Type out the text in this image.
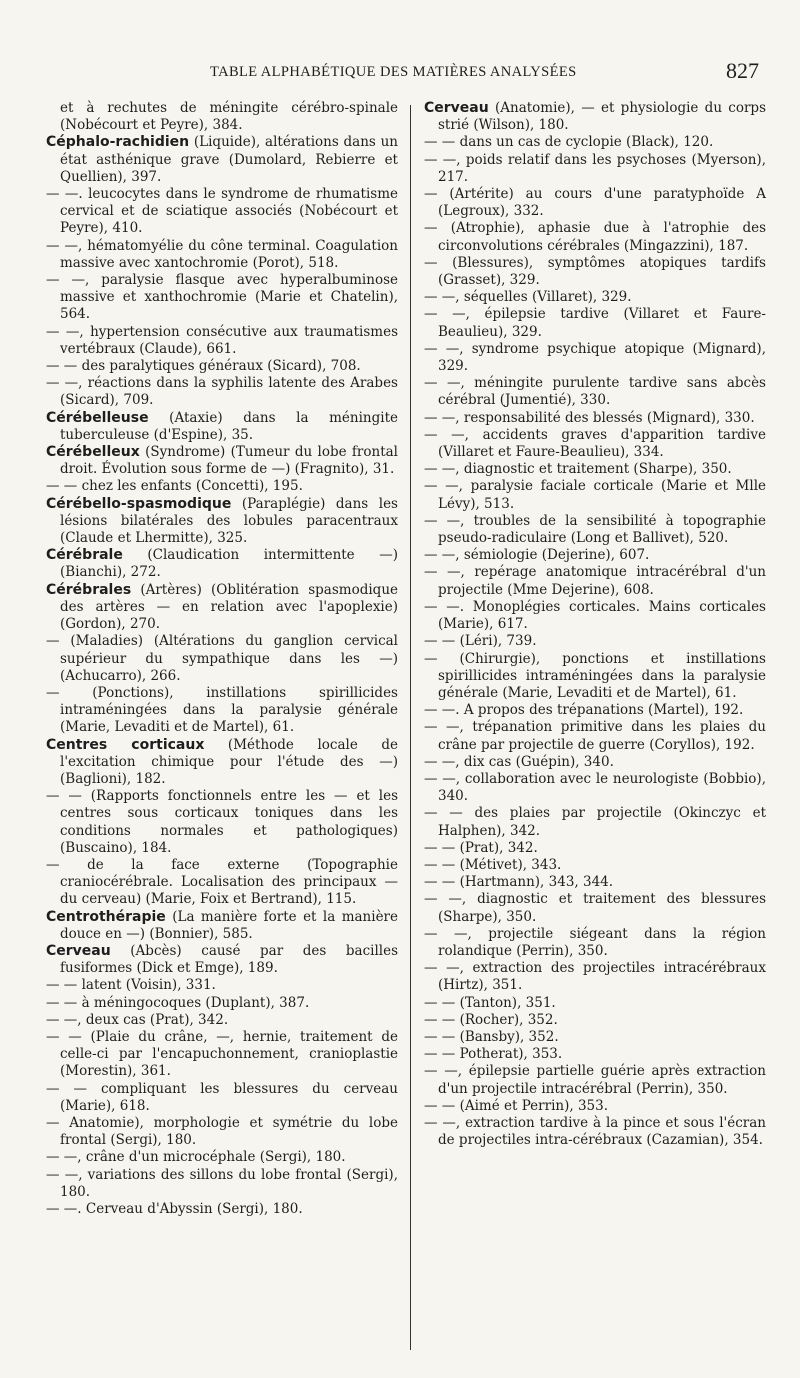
TABLE ALPHABÉTIQUE DES MATIÈRES ANALYSÉES	827

et à rechutes de méningite cérébro-spinale (Nobécourt et Peyre), 384.

Céphalo-rachidien (Liquide), altérations dans un état asthénique grave (Dumolard, Rebierre et Quellien), 397.

— —. leucocytes dans le syndrome de rhumatisme cervical et de sciatique associés (Nobécourt et Peyre), 410.

— —, hématomyélie du cône terminal. Coagulation massive avec xantochromie (Porot), 518.

— —, paralysie flasque avec hyperalbuminose massive et xanthochromie (Marie et Chatelin), 564.

— —, hypertension consécutive aux traumatismes vertébraux (Claude), 661.

— — des paralytiques généraux (Sicard), 708.

— —, réactions dans la syphilis latente des Arabes (Sicard), 709.

Cérébelleuse (Ataxie) dans la méningite tuberculeuse (d'Espine), 35.

Cérébelleux (Syndrome) (Tumeur du lobe frontal droit. Évolution sous forme de —) (Fragnito), 31.

— — chez les enfants (Concetti), 195.

Cérébello-spasmodique (Paraplégie) dans les lésions bilatérales des lobules paracentraux (Claude et Lhermitte), 325.

Cérébrale (Claudication intermittente —) (Bianchi), 272.

Cérébrales (Artères) (Oblitération spasmodique des artères — en relation avec l'apoplexie) (Gordon), 270.

— (Maladies) (Altérations du ganglion cervical supérieur du sympathique dans les —) (Achucarro), 266.

— (Ponctions), instillations spirillicides intraméningées dans la paralysie générale (Marie, Levaditi et de Martel), 61.

Centres corticaux (Méthode locale de l'excitation chimique pour l'étude des —) (Baglioni), 182.

— — (Rapports fonctionnels entre les — et les centres sous corticaux toniques dans les conditions normales et pathologiques) (Buscaino), 184.

— de la face externe (Topographie craniocérébrale. Localisation des principaux — du cerveau) (Marie, Foix et Bertrand), 115.

Centrothérapie (La manière forte et la manière douce en —) (Bonnier), 585.

Cerveau (Abcès) causé par des bacilles fusiformes (Dick et Emge), 189.

— — latent (Voisin), 331.

— — à méningocoques (Duplant), 387.

— —, deux cas (Prat), 342.

— — (Plaie du crâne, —, hernie, traitement de celle-ci par l'encapuchonnement, cranioplastie (Morestin), 361.

— — compliquant les blessures du cerveau (Marie), 618.

— Anatomie), morphologie et symétrie du lobe frontal (Sergi), 180.

— —, crâne d'un microcéphale (Sergi), 180.

— —, variations des sillons du lobe frontal (Sergi), 180.

— —. Cerveau d'Abyssin (Sergi), 180.

Cerveau (Anatomie), — et physiologie du corps strié (Wilson), 180.

— — dans un cas de cyclopie (Black), 120.

— —, poids relatif dans les psychoses (Myerson), 217.

— (Artérite) au cours d'une paratyphoïde A (Legroux), 332.

— (Atrophie), aphasie due à l'atrophie des circonvolutions cérébrales (Mingazzini), 187.

— (Blessures), symptômes atopiques tardifs (Grasset), 329.

— —, séquelles (Villaret), 329.

— —, épilepsie tardive (Villaret et Faure-Beaulieu), 329.

— —, syndrome psychique atopique (Mignard), 329.

— —, méningite purulente tardive sans abcès cérébral (Jumentié), 330.

— —, responsabilité des blessés (Mignard), 330.

— —, accidents graves d'apparition tardive (Villaret et Faure-Beaulieu), 334.

— —, diagnostic et traitement (Sharpe), 350.

— —, paralysie faciale corticale (Marie et Mlle Lévy), 513.

— —, troubles de la sensibilité à topographie pseudo-radiculaire (Long et Ballivet), 520.

— —, sémiologie (Dejerine), 607.

— —, repérage anatomique intracérébral d'un projectile (Mme Dejerine), 608.

— —. Monoplégies corticales. Mains corticales (Marie), 617.

— — (Léri), 739.

— (Chirurgie), ponctions et instillations spirillicides intraméningées dans la paralysie générale (Marie, Levaditi et de Martel), 61.

— —. A propos des trépanations (Martel), 192.

— —, trépanation primitive dans les plaies du crâne par projectile de guerre (Coryllos), 192.

— —, dix cas (Guépin), 340.

— —, collaboration avec le neurologiste (Bobbio), 340.

— — des plaies par projectile (Okinczyc et Halphen), 342.

— — (Prat), 342.

— — (Métivet), 343.

— — (Hartmann), 343, 344.

— —, diagnostic et traitement des blessures (Sharpe), 350.

— —, projectile siégeant dans la région rolandique (Perrin), 350.

— —, extraction des projectiles intracérébraux (Hirtz), 351.

— — (Tanton), 351.

— — (Rocher), 352.

— — (Bansby), 352.

— — Potherat), 353.

— —, épilepsie partielle guérie après extraction d'un projectile intracérébral (Perrin), 350.

— — (Aimé et Perrin), 353.

— —, extraction tardive à la pince et sous l'écran de projectiles intra-cérébraux (Cazamian), 354.
